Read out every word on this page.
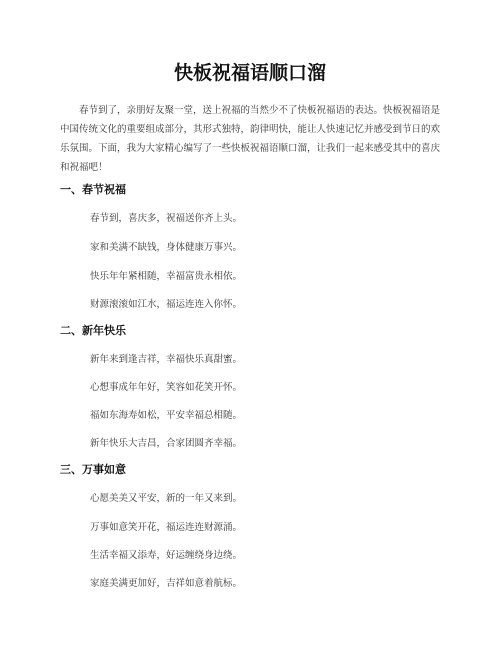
快板祝福语顺口溜

春节到了，亲朋好友聚一堂，送上祝福的当然少不了快板祝福语的表达。快板祝福语是中国传统文化的重要组成部分，其形式独特，韵律明快，能让人快速记忆并感受到节日的欢乐氛围。下面，我为大家精心编写了一些快板祝福语顺口溜，让我们一起来感受其中的喜庆和祝福吧！

一、春节祝福

春节到，喜庆多，祝福送你齐上头。

家和美满不缺钱，身体健康万事兴。

快乐年年紧相随，幸福富贵永相依。

财源滚滚如江水，福运连连入你怀。

二、新年快乐

新年来到逢吉祥，幸福快乐真甜蜜。

心想事成年年好，笑容如花笑开怀。

福如东海寿如松，平安幸福总相随。

新年快乐大吉昌，合家团圆齐幸福。

三、万事如意

心愿美美又平安，新的一年又来到。

万事如意笑开花，福运连连财源涌。

生活幸福又添寿，好运缠绕身边绕。

家庭美满更加好，吉祥如意着航标。
